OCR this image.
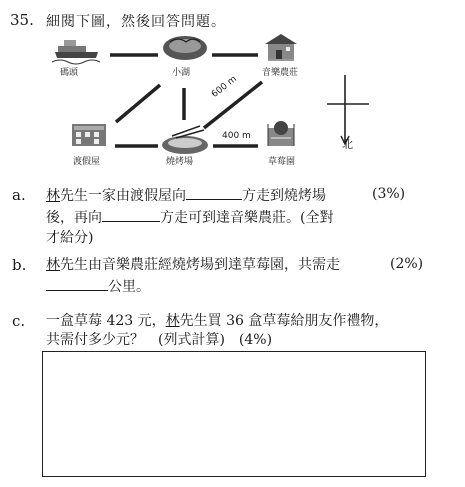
35. 細閱下圖，然後回答問題。
碼頭	小湖	音樂農莊
渡假屋	燒烤場	草莓園
600 m
400 m
北
a. 林先生一家由渡假屋向	方走到燒烤場	(3%)
後，再向	方走可到達音樂農莊。(全對
才給分)
b. 林先生由音樂農莊經燒烤場到達草莓園，共需走	(2%)
公里。
c. 一盒草莓 423 元，林先生買 36 盒草莓給朋友作禮物，
共需付多少元？　(列式計算)　(4%)
